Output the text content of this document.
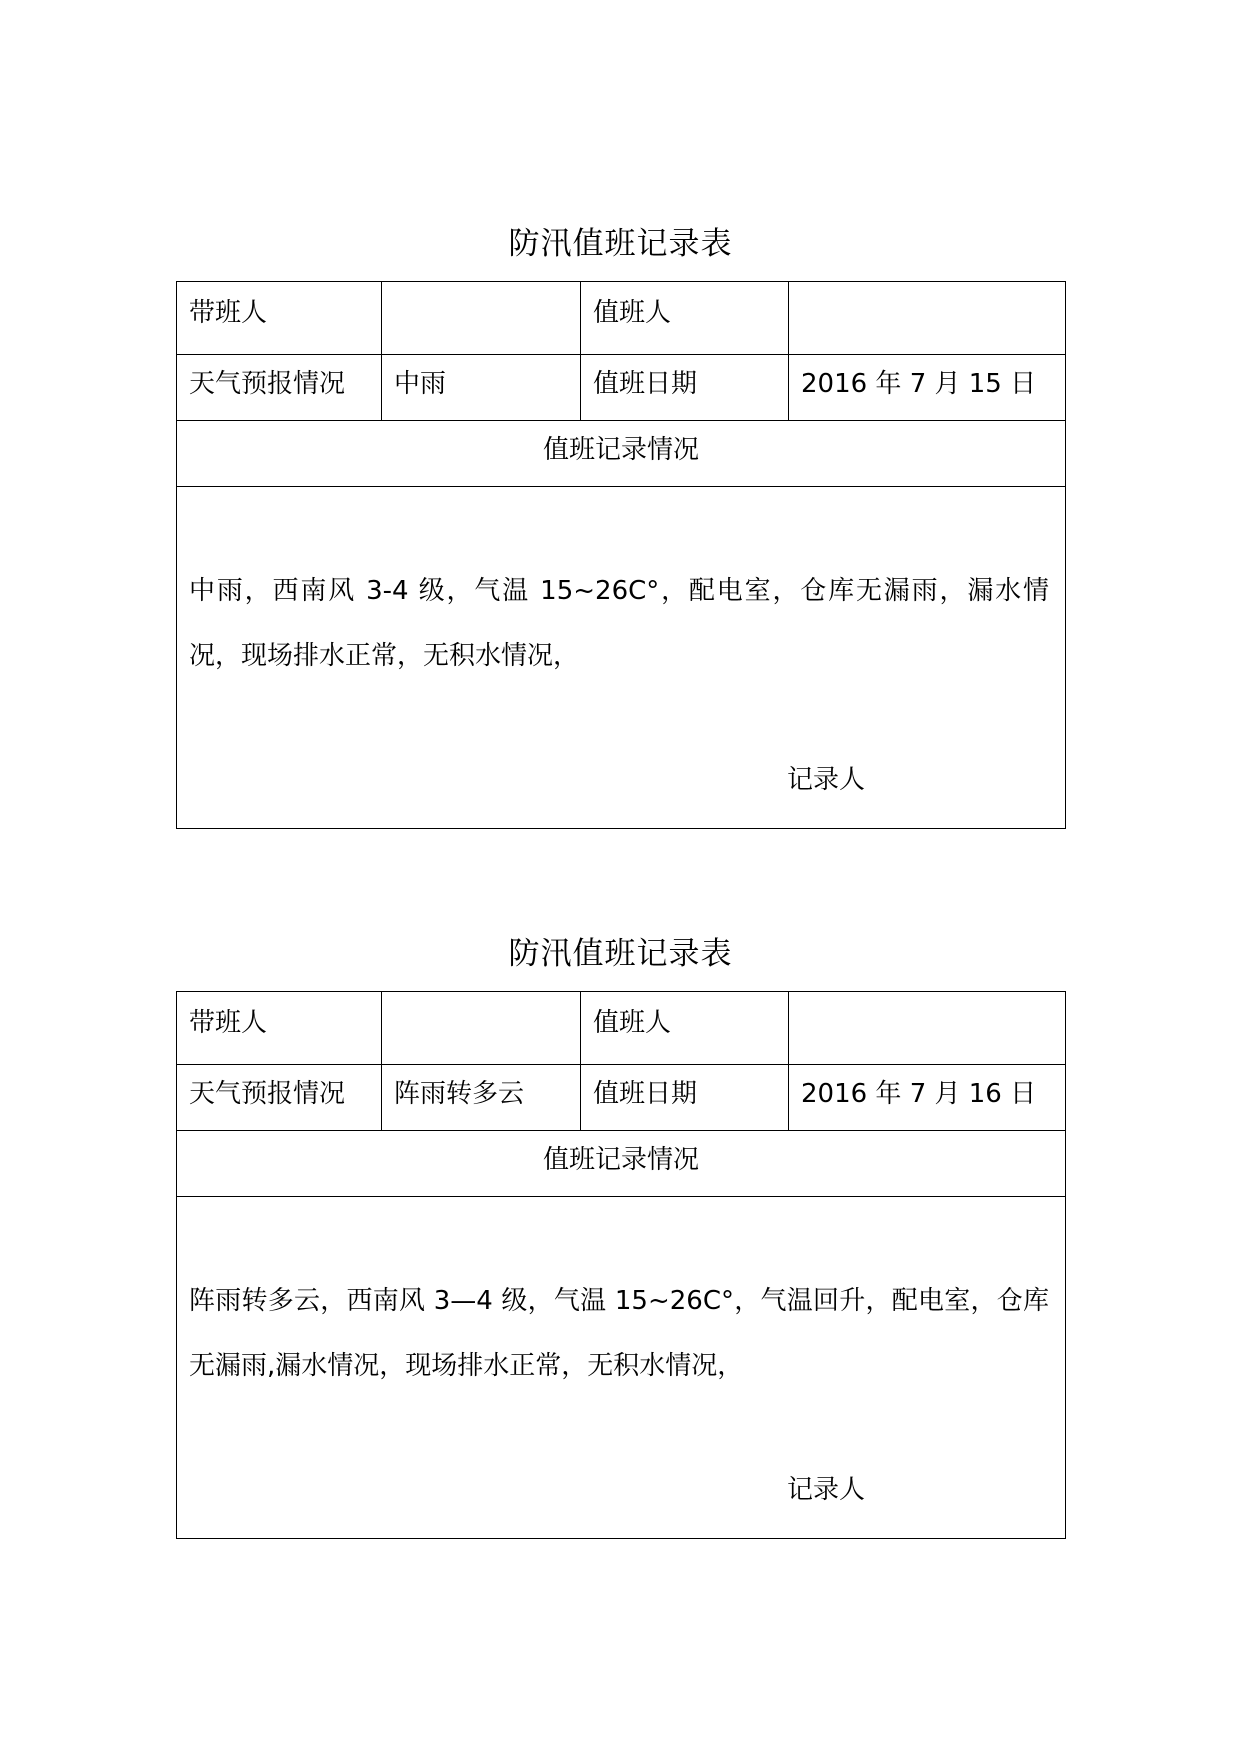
防汛值班记录表
带班人		值班人	
天气预报情况	中雨	值班日期	2016 年 7 月 15 日
值班记录情况			

中雨，西南风 3-4 级，气温 15~26C°，配电室，仓库无漏雨，漏水情况，现场排水正常，无积水情况，
记录人			
防汛值班记录表
带班人		值班人	
天气预报情况	阵雨转多云	值班日期	2016 年 7 月 16 日
值班记录情况			

阵雨转多云，西南风 3—4 级，气温 15~26C°，气温回升，配电室，仓库无漏雨,漏水情况，现场排水正常，无积水情况，
记录人			
